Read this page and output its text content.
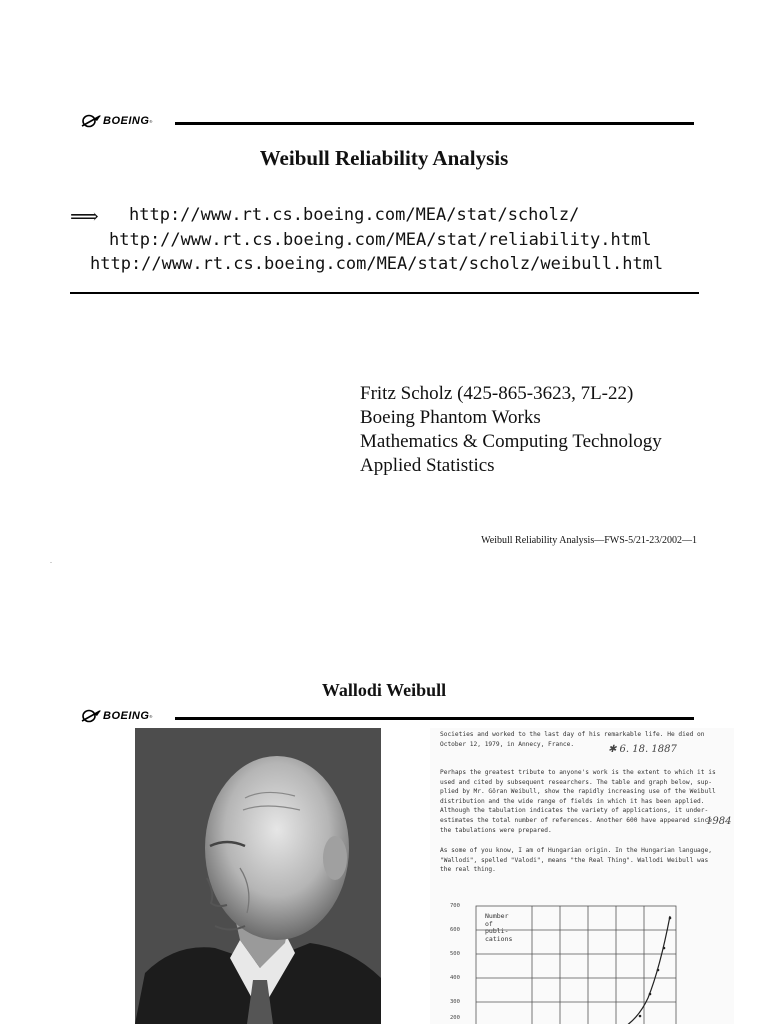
BOEING ®
Weibull Reliability Analysis
⟹ http://www.rt.cs.boeing.com/MEA/stat/scholz/
http://www.rt.cs.boeing.com/MEA/stat/reliability.html
http://www.rt.cs.boeing.com/MEA/stat/scholz/weibull.html
Fritz Scholz (425-865-3623, 7L-22)
Boeing Phantom Works
Mathematics & Computing Technology
Applied Statistics
Weibull Reliability Analysis—FWS-5/21-23/2002—1
-
Wallodi Weibull
BOEING ®
Societies and worked to the last day of his remarkable life. He died on
October 12, 1979, in Annecy, France.	✱ 6. 18. 1887
Perhaps the greatest tribute to anyone's work is the extent to which it is
used and cited by subsequent researchers. The table and graph below, sup-
plied by Mr. Göran Weibull, show the rapidly increasing use of the Weibull
distribution and the wide range of fields in which it has been applied.
Although the tabulation indicates the variety of applications, it under-
estimates the total number of references. Another 600 have appeared since
the tabulations were prepared.
1984
As some of you know, I am of Hungarian origin. In the Hungarian language,
"Wallodi", spelled "Valodi", means "the Real Thing". Wallodi Weibull was
the real thing.
Number
of
publi-
cations
700
600
500
400
300
200
